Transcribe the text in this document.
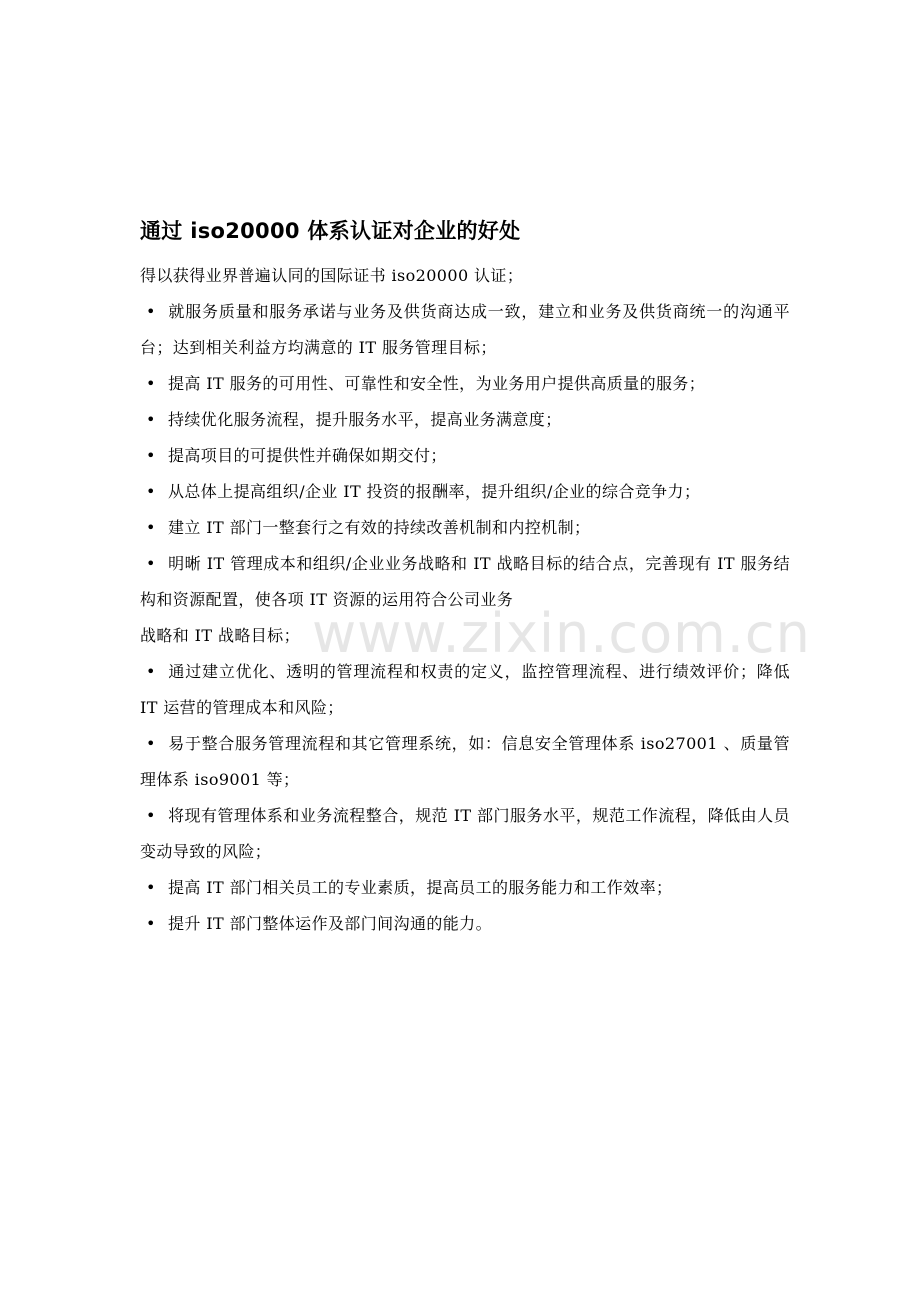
www.zixin.com.cn
通过 iso20000 体系认证对企业的好处

得以获得业界普遍认同的国际证书 iso20000 认证；

• 就服务质量和服务承诺与业务及供货商达成一致，建立和业务及供货商统一的沟通平台；达到相关利益方均满意的 IT 服务管理目标；
• 提高 IT 服务的可用性、可靠性和安全性，为业务用户提供高质量的服务；
• 持续优化服务流程，提升服务水平，提高业务满意度；
• 提高项目的可提供性并确保如期交付；
• 从总体上提高组织/企业 IT 投资的报酬率，提升组织/企业的综合竞争力；
• 建立 IT 部门一整套行之有效的持续改善机制和内控机制；
• 明晰 IT 管理成本和组织/企业业务战略和 IT 战略目标的结合点，完善现有 IT 服务结构和资源配置，使各项 IT 资源的运用符合公司业务

战略和 IT 战略目标；

• 通过建立优化、透明的管理流程和权责的定义，监控管理流程、进行绩效评价；降低 IT 运营的管理成本和风险；
• 易于整合服务管理流程和其它管理系统，如：信息安全管理体系 iso27001 、质量管理体系 iso9001 等；
• 将现有管理体系和业务流程整合，规范 IT 部门服务水平，规范工作流程，降低由人员变动导致的风险；
• 提高 IT 部门相关员工的专业素质，提高员工的服务能力和工作效率；
• 提升 IT 部门整体运作及部门间沟通的能力。
